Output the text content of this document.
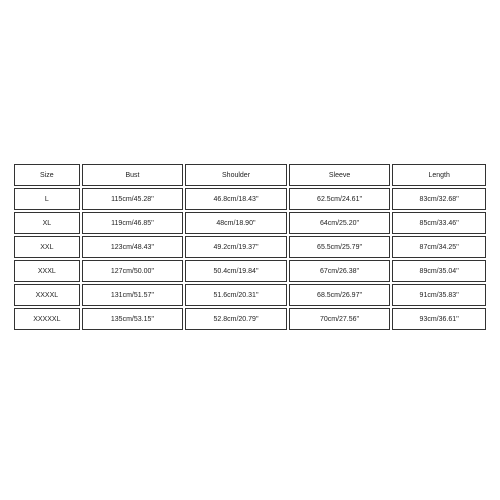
Size	Bust	Shoulder	Sleeve	Length
L	115cm/45.28''	46.8cm/18.43''	62.5cm/24.61''	83cm/32.68''
XL	119cm/46.85''	48cm/18.90''	64cm/25.20''	85cm/33.46''
XXL	123cm/48.43''	49.2cm/19.37''	65.5cm/25.79''	87cm/34.25''
XXXL	127cm/50.00''	50.4cm/19.84''	67cm/26.38''	89cm/35.04''
XXXXL	131cm/51.57''	51.6cm/20.31''	68.5cm/26.97''	91cm/35.83''
XXXXXL	135cm/53.15''	52.8cm/20.79''	70cm/27.56''	93cm/36.61''
